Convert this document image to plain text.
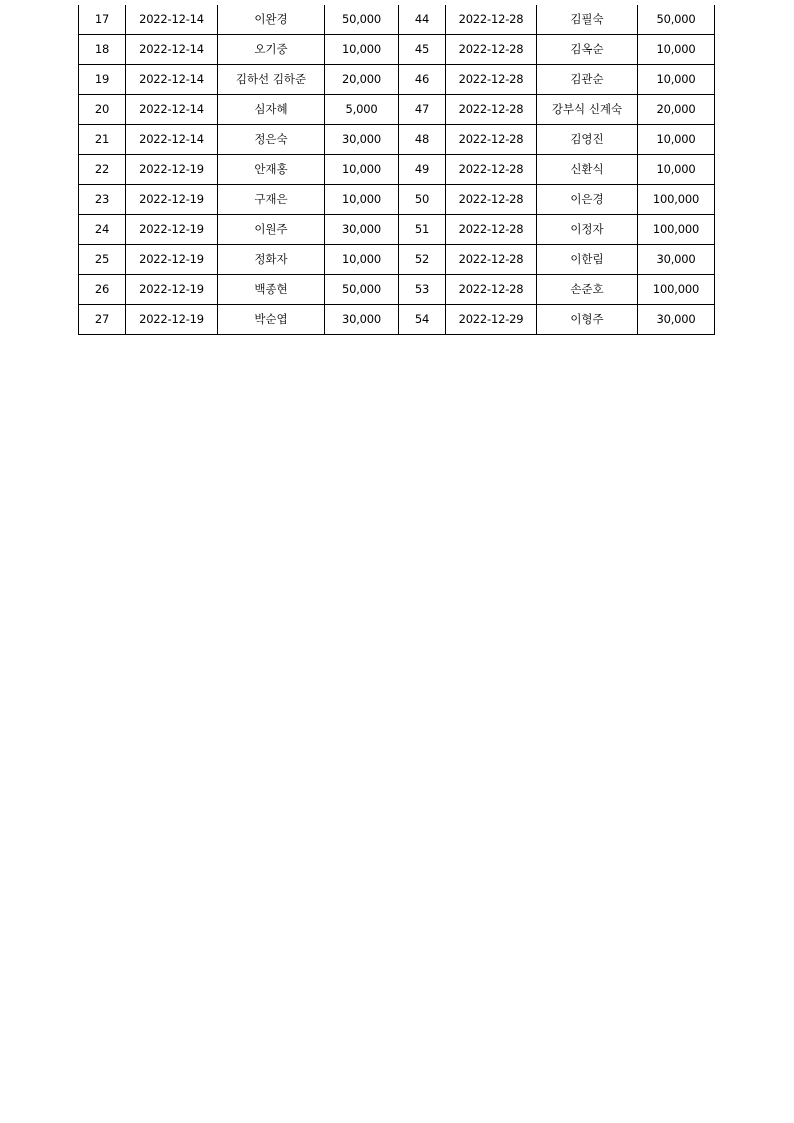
17	2022-12-14	이완경	50,000	44	2022-12-28	김필숙	50,000
18	2022-12-14	오기중	10,000	45	2022-12-28	김옥순	10,000
19	2022-12-14	김하선 김하준	20,000	46	2022-12-28	김관순	10,000
20	2022-12-14	심자혜	5,000	47	2022-12-28	강부식 신계숙	20,000
21	2022-12-14	정은숙	30,000	48	2022-12-28	김영진	10,000
22	2022-12-19	안재홍	10,000	49	2022-12-28	신환식	10,000
23	2022-12-19	구재은	10,000	50	2022-12-28	이은경	100,000
24	2022-12-19	이원주	30,000	51	2022-12-28	이정자	100,000
25	2022-12-19	정화자	10,000	52	2022-12-28	이한림	30,000
26	2022-12-19	백종현	50,000	53	2022-12-28	손준호	100,000
27	2022-12-19	박순엽	30,000	54	2022-12-29	이형주	30,000
